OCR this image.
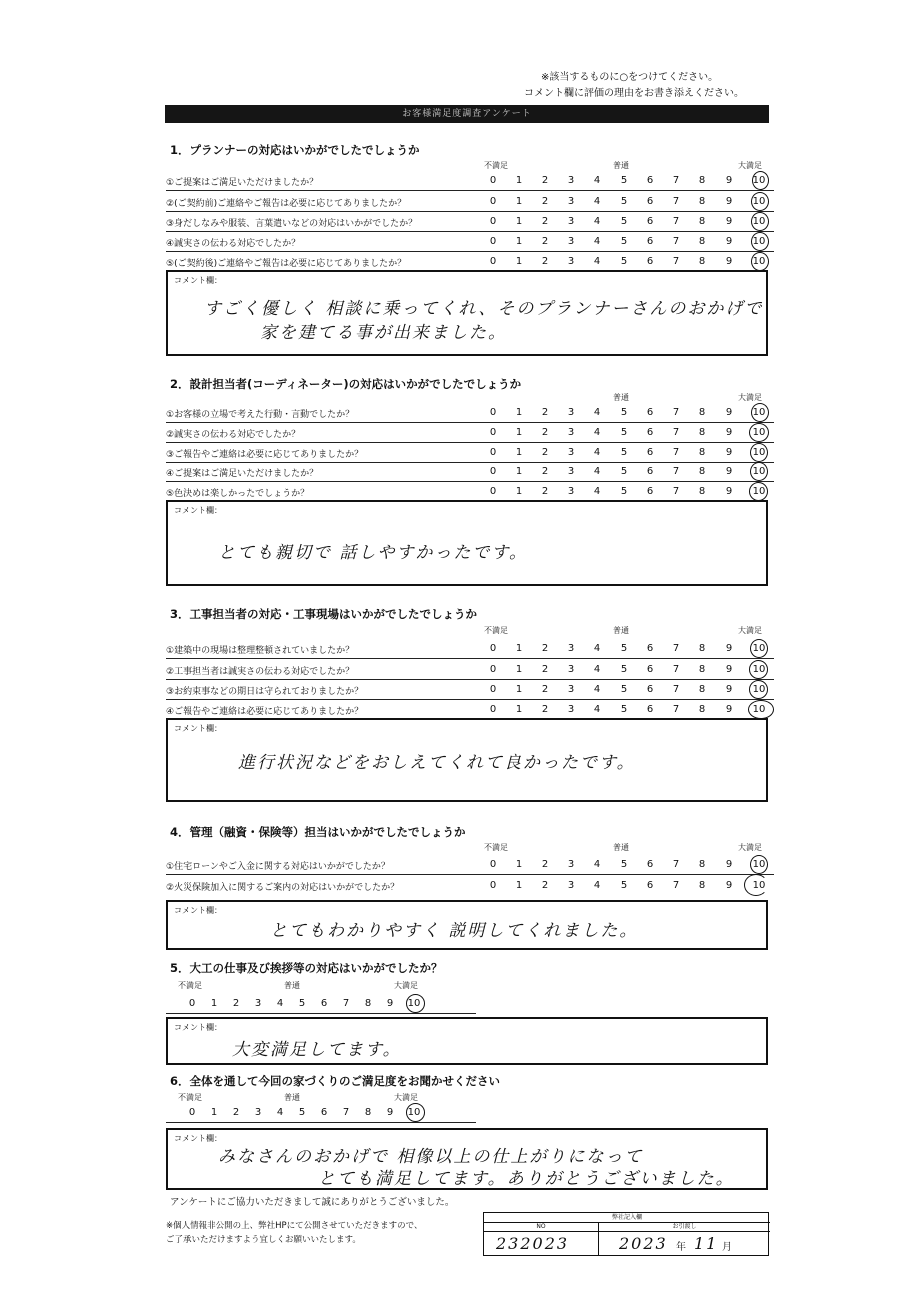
※該当するものに○をつけてください。
コメント欄に評価の理由をお書き添えください。
お客様満足度調査アンケート
1．プランナーの対応はいかがでしたでしょうか
不満足	普通	大満足
①ご提案はご満足いただけましたか？	0	1	2	3	4	5	6	7	8	9	10
②(ご契約前)ご連絡やご報告は必要に応じてありましたか？	0	1	2	3	4	5	6	7	8	9	10
③身だしなみや服装、言葉遣いなどの対応はいかがでしたか？	0	1	2	3	4	5	6	7	8	9	10
④誠実さの伝わる対応でしたか？	0	1	2	3	4	5	6	7	8	9	10
⑤(ご契約後)ご連絡やご報告は必要に応じてありましたか？	0	1	2	3	4	5	6	7	8	9	10
コメント欄：
すごく優しく 相談に乗ってくれ、そのプランナーさんのおかげで
家を建てる事が出来ました。
2．設計担当者(コーディネーター)の対応はいかがでしたでしょうか
普通	大満足
①お客様の立場で考えた行動・言動でしたか？	0	1	2	3	4	5	6	7	8	9	10
②誠実さの伝わる対応でしたか？	0	1	2	3	4	5	6	7	8	9	10
③ご報告やご連絡は必要に応じてありましたか？	0	1	2	3	4	5	6	7	8	9	10
④ご提案はご満足いただけましたか？	0	1	2	3	4	5	6	7	8	9	10
⑤色決めは楽しかったでしょうか？	0	1	2	3	4	5	6	7	8	9	10
コメント欄：
とても親切で 話しやすかったです。
3．工事担当者の対応・工事現場はいかがでしたでしょうか
不満足	普通	大満足
①建築中の現場は整理整頓されていましたか？	0	1	2	3	4	5	6	7	8	9	10
②工事担当者は誠実さの伝わる対応でしたか？	0	1	2	3	4	5	6	7	8	9	10
③お約束事などの期日は守られておりましたか？	0	1	2	3	4	5	6	7	8	9	10
④ご報告やご連絡は必要に応じてありましたか？	0	1	2	3	4	5	6	7	8	9	10
コメント欄：
進行状況などをおしえてくれて良かったです。
4．管理（融資・保険等）担当はいかがでしたでしょうか
不満足	普通	大満足
①住宅ローンやご入金に関する対応はいかがでしたか？	0	1	2	3	4	5	6	7	8	9	10
②火災保険加入に関するご案内の対応はいかがでしたか？	0	1	2	3	4	5	6	7	8	9	10
コメント欄：
とてもわかりやすく 説明してくれました。
5．大工の仕事及び挨拶等の対応はいかがでしたか？
不満足	普通	大満足
0	1	2	3	4	5	6	7	8	9	10
コメント欄：
大変満足してます。
6．全体を通して今回の家づくりのご満足度をお聞かせください
不満足	普通	大満足
0	1	2	3	4	5	6	7	8	9	10
コメント欄：
みなさんのおかげで 相像以上の仕上がりになって
とても満足してます。ありがとうございました。
アンケートにご協力いただきまして誠にありがとうございました。
※個人情報非公開の上、弊社HPにて公開させていただきますので、
ご了承いただけますよう宜しくお願いいたします。
弊社記入欄
NO	お引渡し
232023	2023 年 11 月
